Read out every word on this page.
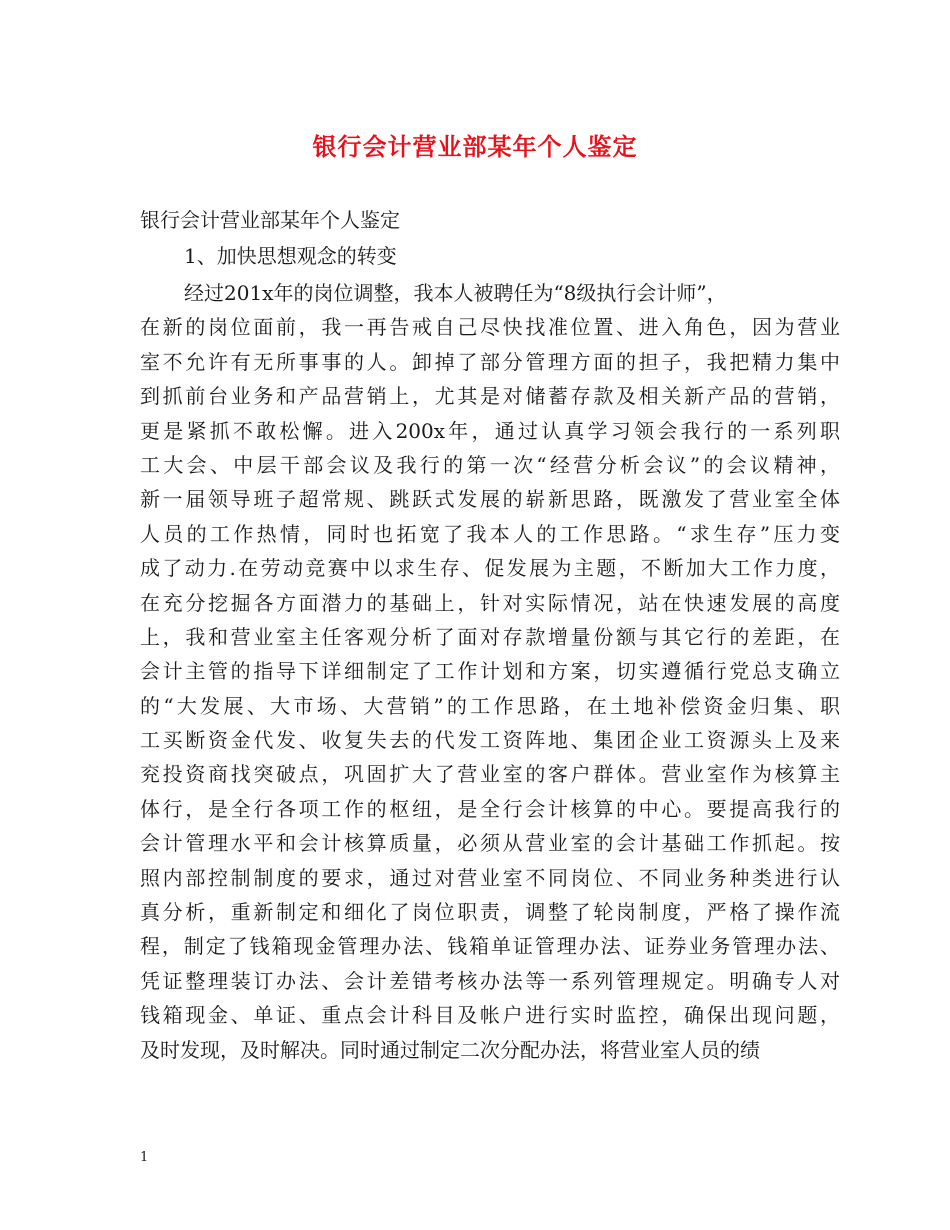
银行会计营业部某年个人鉴定
银行会计营业部某年个人鉴定
1、加快思想观念的转变
经过201x年的岗位调整，我本人被聘任为“8级执行会计师”，
在新的岗位面前，我一再告戒自己尽快找准位置、进入角色，因为营业
室不允许有无所事事的人。卸掉了部分管理方面的担子，我把精力集中
到抓前台业务和产品营销上，尤其是对储蓄存款及相关新产品的营销，
更是紧抓不敢松懈。进入200x年，通过认真学习领会我行的一系列职
工大会、中层干部会议及我行的第一次“经营分析会议”的会议精神，
新一届领导班子超常规、跳跃式发展的崭新思路，既激发了营业室全体
人员的工作热情，同时也拓宽了我本人的工作思路。“求生存”压力变
成了动力.在劳动竞赛中以求生存、促发展为主题，不断加大工作力度，
在充分挖掘各方面潜力的基础上，针对实际情况，站在快速发展的高度
上，我和营业室主任客观分析了面对存款增量份额与其它行的差距，在
会计主管的指导下详细制定了工作计划和方案，切实遵循行党总支确立
的“大发展、大市场、大营销”的工作思路，在土地补偿资金归集、职
工买断资金代发、收复失去的代发工资阵地、集团企业工资源头上及来
兖投资商找突破点，巩固扩大了营业室的客户群体。营业室作为核算主
体行，是全行各项工作的枢纽，是全行会计核算的中心。要提高我行的
会计管理水平和会计核算质量，必须从营业室的会计基础工作抓起。按
照内部控制制度的要求，通过对营业室不同岗位、不同业务种类进行认
真分析，重新制定和细化了岗位职责，调整了轮岗制度，严格了操作流
程，制定了钱箱现金管理办法、钱箱单证管理办法、证券业务管理办法、
凭证整理装订办法、会计差错考核办法等一系列管理规定。明确专人对
钱箱现金、单证、重点会计科目及帐户进行实时监控，确保出现问题，
及时发现，及时解决。同时通过制定二次分配办法，将营业室人员的绩
1
